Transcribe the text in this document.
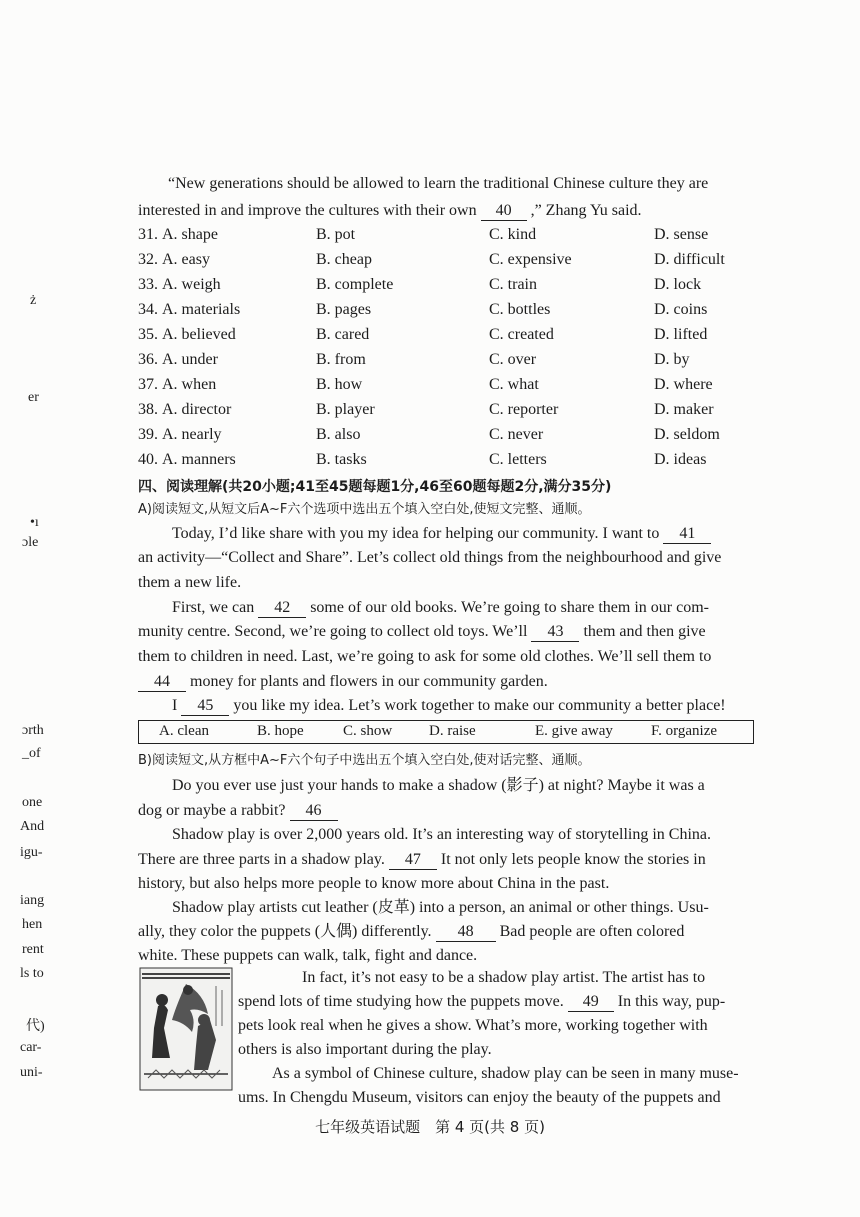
ż
er
•ı
ɔle
ɔrth
_of
one
And
igu-
iang
hen
rent
ls to
代)
car-
uni-
“New generations should be allowed to learn the traditional Chinese culture they are
interested in and improve the cultures with their own 40 ,” Zhang Yu said.
31. A. shape	B. pot	C. kind	D. sense
32. A. easy	B. cheap	C. expensive	D. difficult
33. A. weigh	B. complete	C. train	D. lock
34. A. materials	B. pages	C. bottles	D. coins
35. A. believed	B. cared	C. created	D. lifted
36. A. under	B. from	C. over	D. by
37. A. when	B. how	C. what	D. where
38. A. director	B. player	C. reporter	D. maker
39. A. nearly	B. also	C. never	D. seldom
40. A. manners	B. tasks	C. letters	D. ideas
四、阅读理解(共20小题;41至45题每题1分,46至60题每题2分,满分35分)
A)阅读短文,从短文后A~F六个选项中选出五个填入空白处,使短文完整、通顺。
Today, I’d like share with you my idea for helping our community. I want to 41
an activity—“Collect and Share”. Let’s collect old things from the neighbourhood and give
them a new life.
First, we can 42 some of our old books. We’re going to share them in our com-
munity centre. Second, we’re going to collect old toys. We’ll 43 them and then give
them to children in need. Last, we’re going to ask for some old clothes. We’ll sell them to
44 money for plants and flowers in our community garden.
I 45 you like my idea. Let’s work together to make our community a better place!
A. clean	B. hope	C. show D. raise	E. give away	F. organize
B)阅读短文,从方框中A~F六个句子中选出五个填入空白处,使对话完整、通顺。
Do you ever use just your hands to make a shadow (影子) at night? Maybe it was a
dog or maybe a rabbit? 46
Shadow play is over 2,000 years old. It’s an interesting way of storytelling in China.
There are three parts in a shadow play. 47 It not only lets people know the stories in
history, but also helps more people to know more about China in the past.
Shadow play artists cut leather (皮革) into a person, an animal or other things. Usu-
ally, they color the puppets (人偶) differently. 48 Bad people are often colored
white. These puppets can walk, talk, fight and dance.
In fact, it’s not easy to be a shadow play artist. The artist has to
spend lots of time studying how the puppets move. 49 In this way, pup-
pets look real when he gives a show. What’s more, working together with
others is also important during the play.
As a symbol of Chinese culture, shadow play can be seen in many muse-
ums. In Chengdu Museum, visitors can enjoy the beauty of the puppets and
七年级英语试题　第 4 页(共 8 页)
